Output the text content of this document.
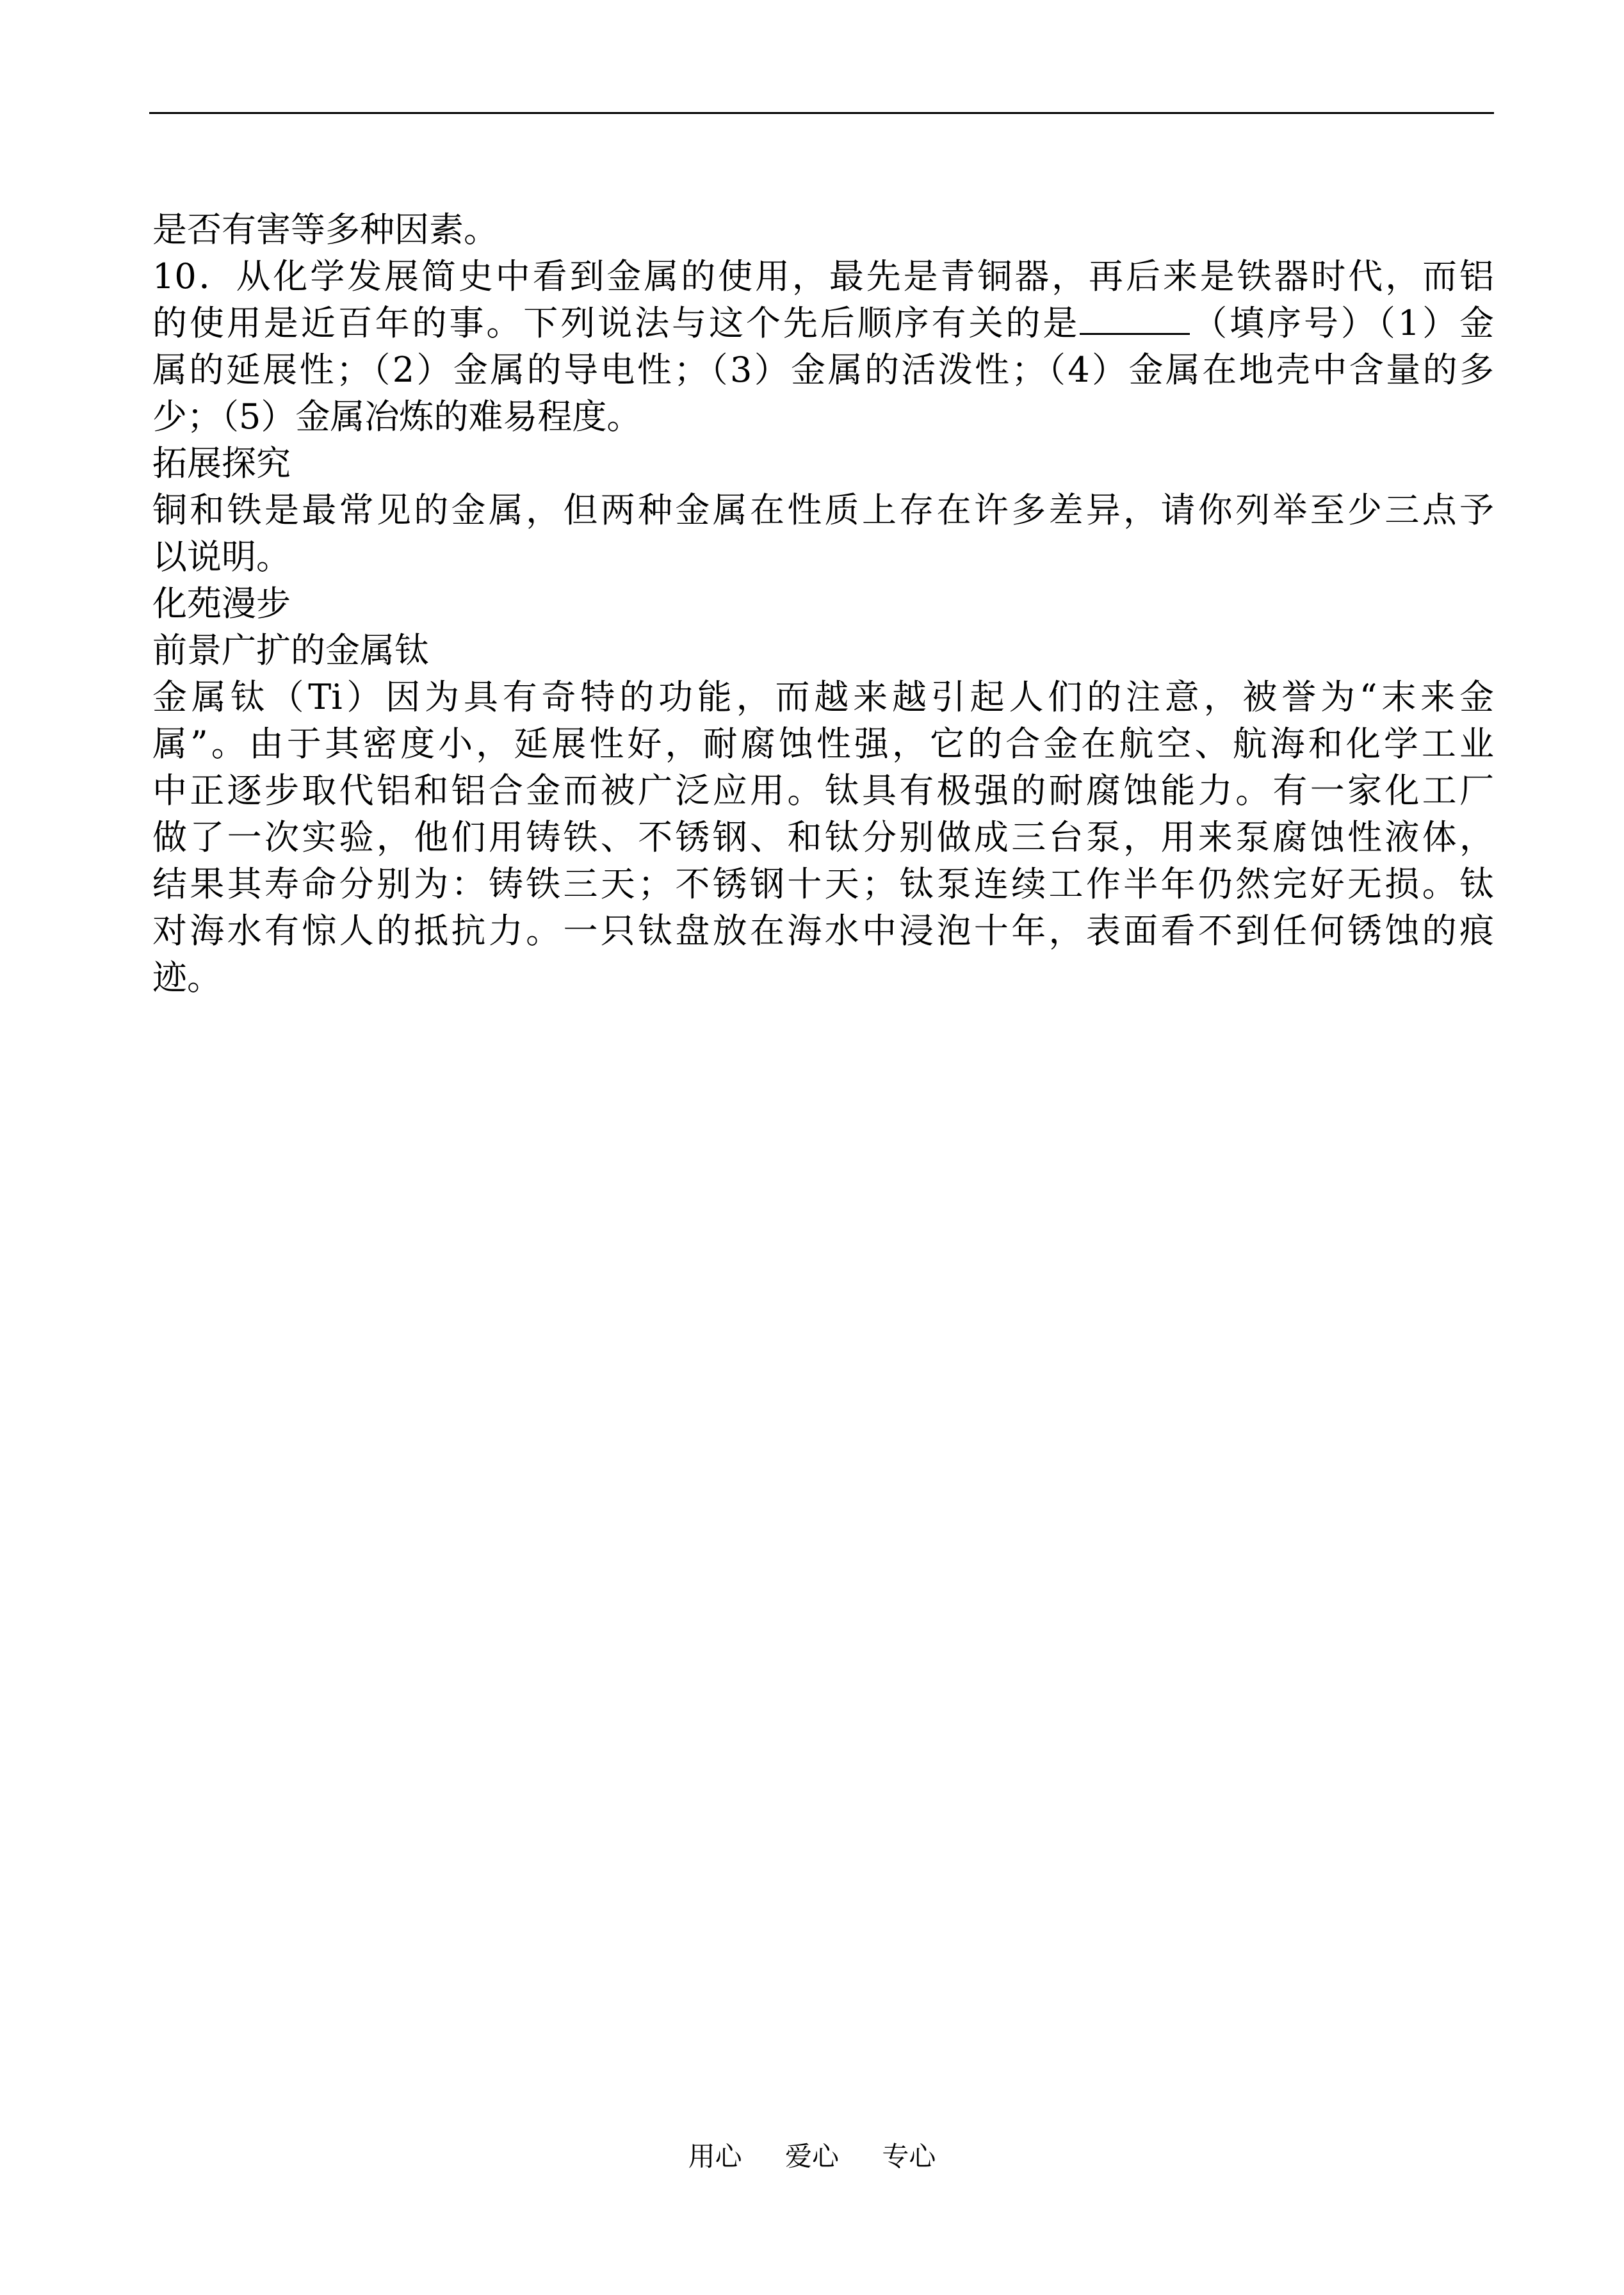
是否有害等多种因素。
10．从化学发展简史中看到金属的使用，最先是青铜器，再后来是铁器时代，而铝
的使用是近百年的事。下列说法与这个先后顺序有关的是	（填序号）（1）金
属的延展性；（2）金属的导电性；（3）金属的活泼性；（4）金属在地壳中含量的多
少；（5）金属冶炼的难易程度。
拓展探究
铜和铁是最常见的金属，但两种金属在性质上存在许多差异，请你列举至少三点予
以说明。
化苑漫步
前景广扩的金属钛
金属钛（Ti）因为具有奇特的功能，而越来越引起人们的注意，被誉为“末来金
属”。由于其密度小，延展性好，耐腐蚀性强，它的合金在航空、航海和化学工业
中正逐步取代铝和铝合金而被广泛应用。钛具有极强的耐腐蚀能力。有一家化工厂
做了一次实验，他们用铸铁、不锈钢、和钛分别做成三台泵，用来泵腐蚀性液体，
结果其寿命分别为：铸铁三天；不锈钢十天；钛泵连续工作半年仍然完好无损。钛
对海水有惊人的抵抗力。一只钛盘放在海水中浸泡十年，表面看不到任何锈蚀的痕
迹。
用心 爱心 专心
